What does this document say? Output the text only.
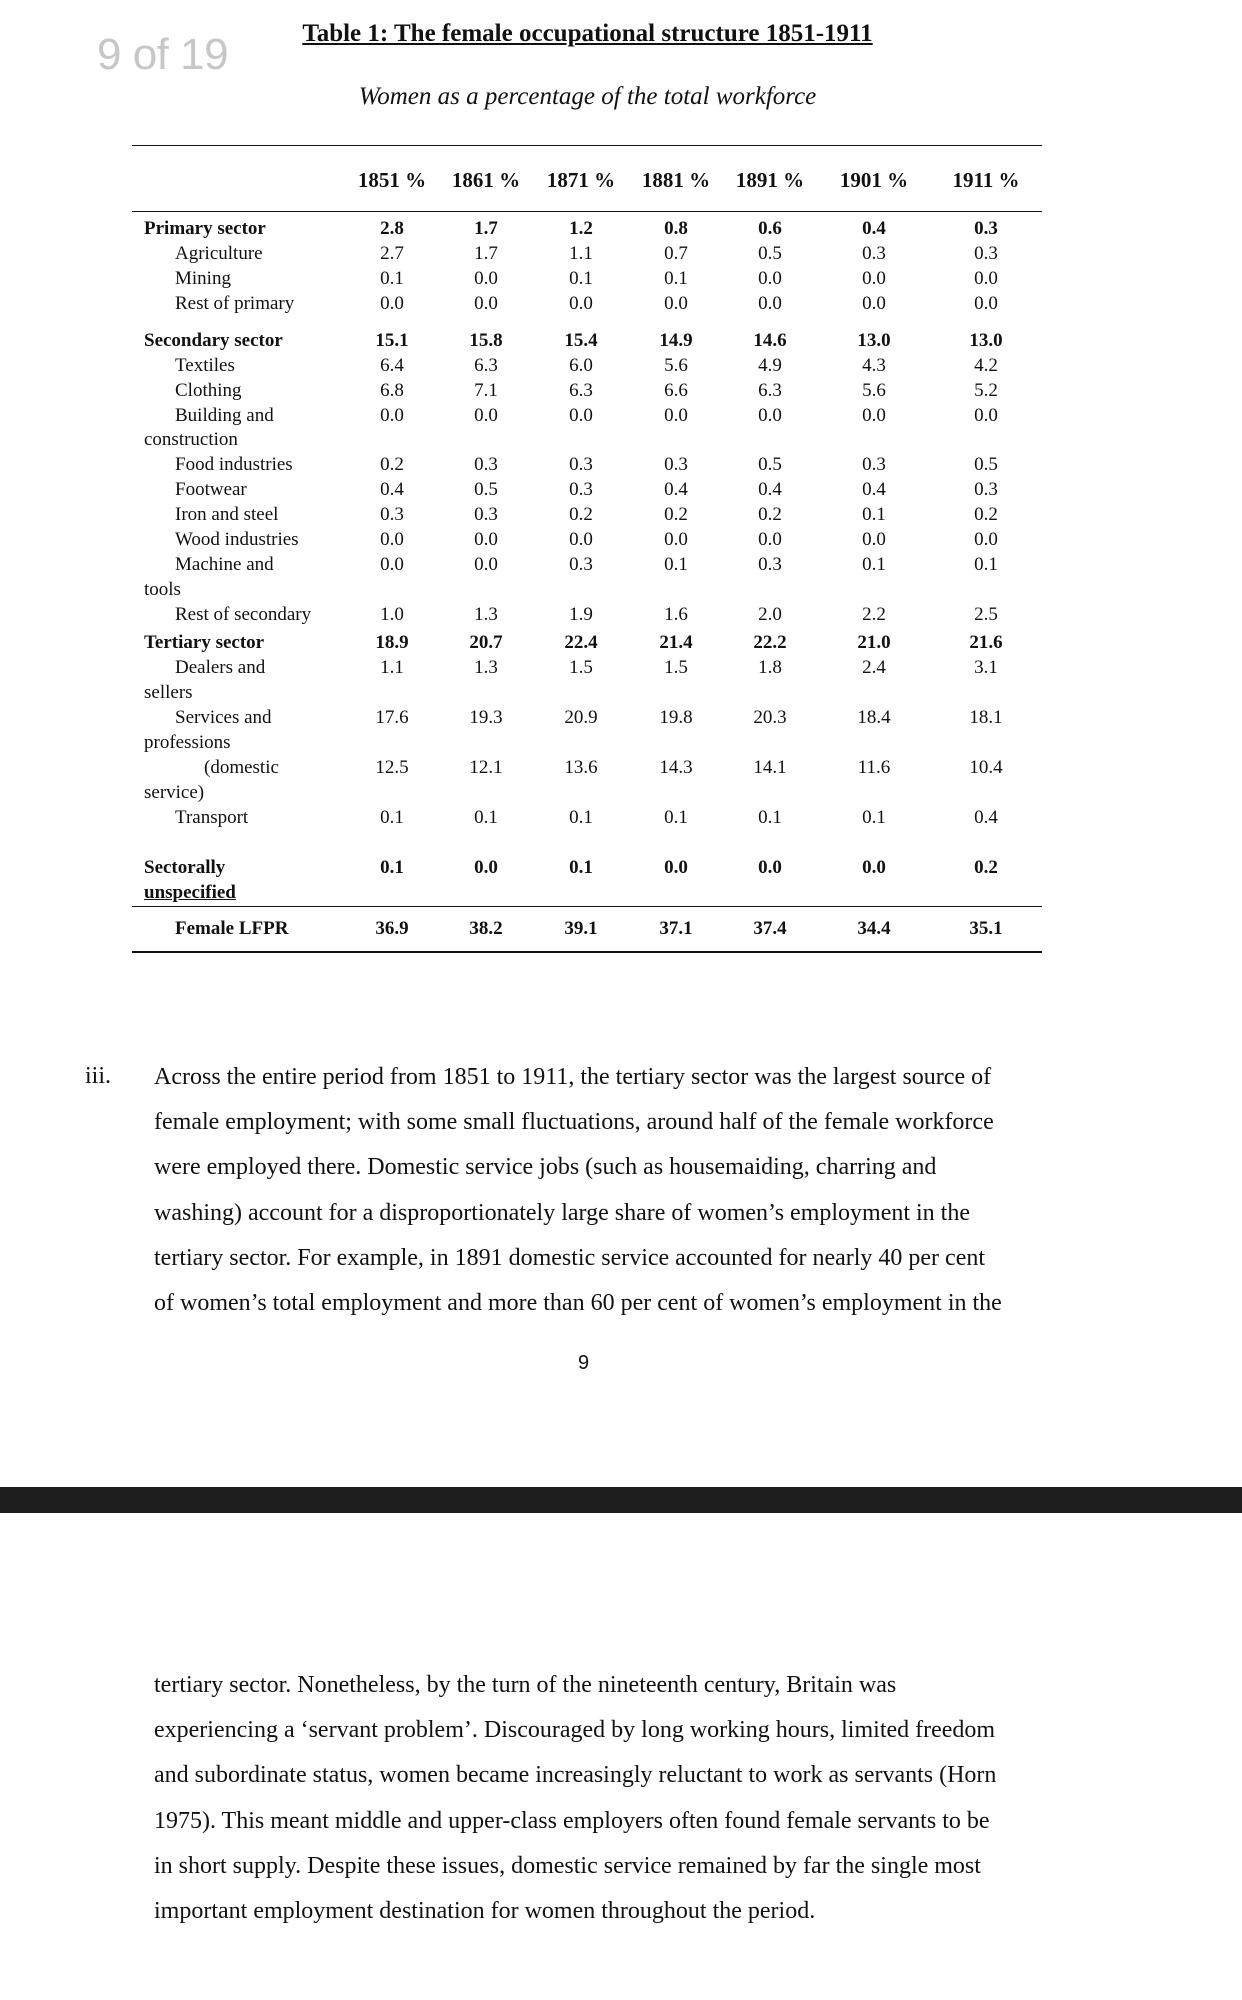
9 of 19	Table 1: The female occupational structure 1851-1911
Women as a percentage of the total workforce
1851 %	1861 %	1871 %	1881 %	1891 %	1901 %	1911 %
Primary sector	2.8	1.7	1.2	0.8	0.6	0.4	0.3
Agriculture	2.7	1.7	1.1	0.7	0.5	0.3	0.3
Mining	0.1	0.0	0.1	0.1	0.0	0.0	0.0
Rest of primary	0.0	0.0	0.0	0.0	0.0	0.0	0.0
Secondary sector	15.1	15.8	15.4	14.9	14.6	13.0	13.0
Textiles	6.4	6.3	6.0	5.6	4.9	4.3	4.2
Clothing	6.8	7.1	6.3	6.6	6.3	5.6	5.2
Building and	0.0	0.0	0.0	0.0	0.0	0.0	0.0
construction
Food industries	0.2	0.3	0.3	0.3	0.5	0.3	0.5
Footwear	0.4	0.5	0.3	0.4	0.4	0.4	0.3
Iron and steel	0.3	0.3	0.2	0.2	0.2	0.1	0.2
Wood industries	0.0	0.0	0.0	0.0	0.0	0.0	0.0
Machine and	0.0	0.0	0.3	0.1	0.3	0.1	0.1
tools
Rest of secondary	1.0	1.3	1.9	1.6	2.0	2.2	2.5
Tertiary sector	18.9	20.7	22.4	21.4	22.2	21.0	21.6
Dealers and	1.1	1.3	1.5	1.5	1.8	2.4	3.1
sellers
Services and	17.6	19.3	20.9	19.8	20.3	18.4	18.1
professions
(domestic	12.5	12.1	13.6	14.3	14.1	11.6	10.4
service)
Transport	0.1	0.1	0.1	0.1	0.1	0.1	0.4
Sectorally	0.1	0.0	0.1	0.0	0.0	0.0	0.2
unspecified
Female LFPR	36.9	38.2	39.1	37.1	37.4	34.4	35.1
iii. Across the entire period from 1851 to 1911, the tertiary sector was the largest source of
female employment; with some small fluctuations, around half of the female workforce
were employed there. Domestic service jobs (such as housemaiding, charring and
washing) account for a disproportionately large share of women’s employment in the
tertiary sector. For example, in 1891 domestic service accounted for nearly 40 per cent
of women’s total employment and more than 60 per cent of women’s employment in the
9
tertiary sector. Nonetheless, by the turn of the nineteenth century, Britain was
experiencing a ‘servant problem’. Discouraged by long working hours, limited freedom
and subordinate status, women became increasingly reluctant to work as servants (Horn
1975). This meant middle and upper-class employers often found female servants to be
in short supply. Despite these issues, domestic service remained by far the single most
important employment destination for women throughout the period.
